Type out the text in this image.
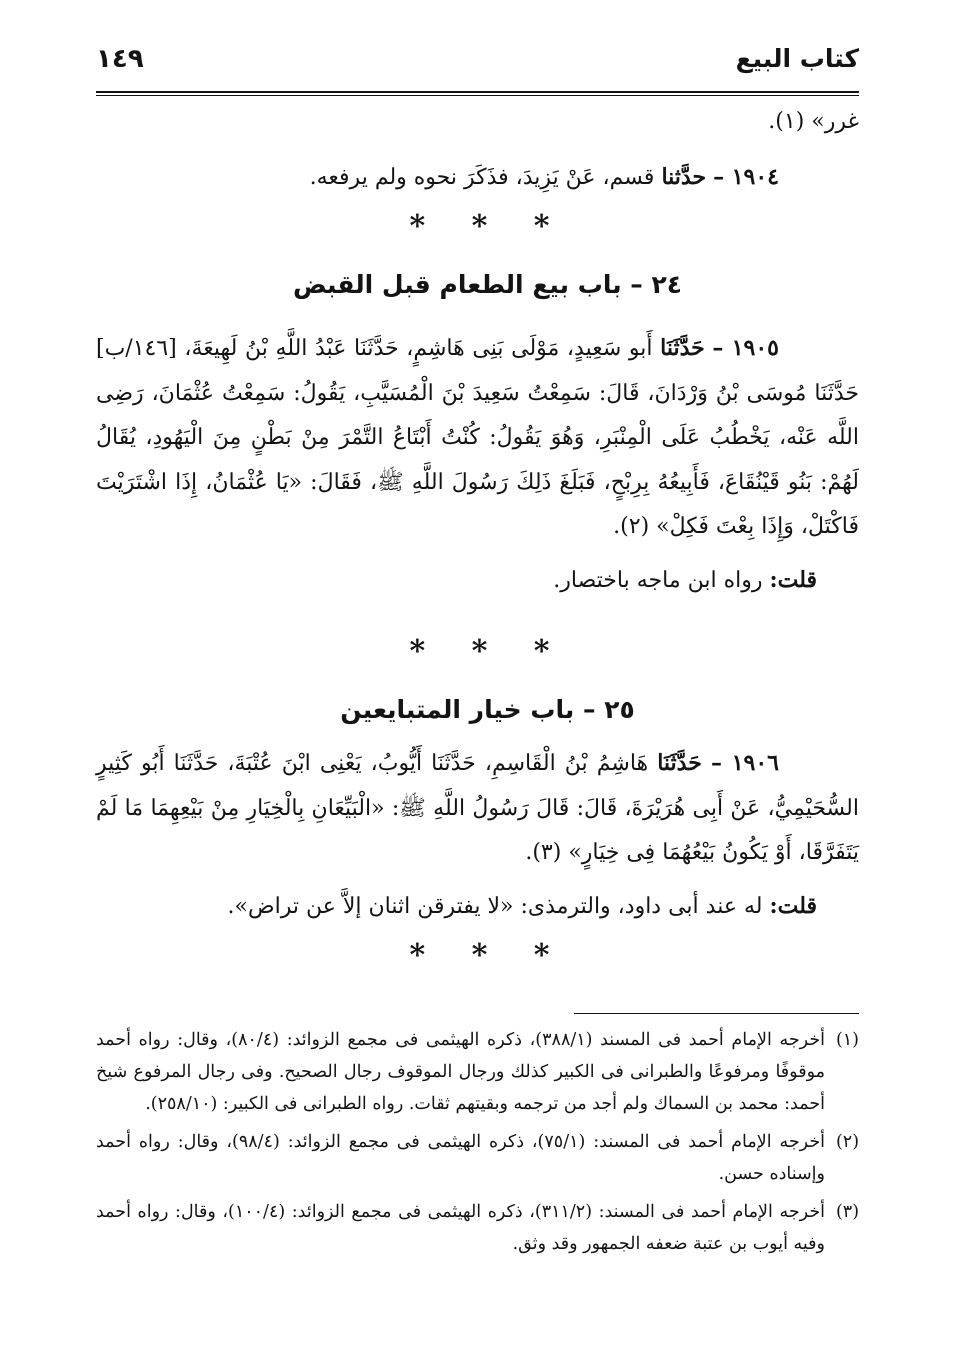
كتاب البيع
١٤٩

غرر» (١).

١٩٠٤ – حدَّثنا قسم، عَنْ يَزِيدَ، فذَكَرَ نحوه ولم يرفعه.

* * *
٢٤ – باب بيع الطعام قبل القبض

١٩٠٥ – حَدَّثَنَا أَبو سَعِيدٍ، مَوْلَى بَنِى هَاشِمٍ، حَدَّثَنَا عَبْدُ اللَّهِ بْنُ لَهِيعَةَ، [١٤٦/ب] حَدَّثَنَا مُوسَى بْنُ وَرْدَانَ، قَالَ: سَمِعْتُ سَعِيدَ بْنَ الْمُسَيَّبِ، يَقُولُ: سَمِعْتُ عُثْمَانَ، رَضِى اللَّه عَنْه، يَخْطُبُ عَلَى الْمِنْبَرِ، وَهُوَ يَقُولُ: كُنْتُ أَبْتَاعُ التَّمْرَ مِنْ بَطْنٍ مِنَ الْيَهُودِ، يُقَالُ لَهُمْ: بَنُو قَيْنُقَاعَ، فَأَبِيعُهُ بِرِبْحٍ، فَبَلَغَ ذَلِكَ رَسُولَ اللَّهِ ﷺ، فَقَالَ: «يَا عُثْمَانُ، إِذَا اشْتَرَيْتَ فَاكْتَلْ، وَإِذَا بِعْتَ فَكِلْ» (٢).

قلت: رواه ابن ماجه باختصار.

* * *
٢٥ – باب خيار المتبايعين

١٩٠٦ – حَدَّثَنَا هَاشِمُ بْنُ الْقَاسِمِ، حَدَّثَنَا أَيُّوبُ، يَعْنِى ابْنَ عُتْبَةَ، حَدَّثَنَا أَبُو كَثِيرٍ السُّحَيْمِيُّ، عَنْ أَبِى هُرَيْرَةَ، قَالَ: قَالَ رَسُولُ اللَّهِ ﷺ: «الْبَيِّعَانِ بِالْخِيَارِ مِنْ بَيْعِهِمَا مَا لَمْ يَتَفَرَّقَا، أَوْ يَكُونُ بَيْعُهُمَا فِى خِيَارٍ» (٣).

قلت: له عند أبى داود، والترمذى: «لا يفترقن اثنان إلاَّ عن تراض».

* * *

(١)أخرجه الإمام أحمد فى المسند (٣٨٨/١)، ذكره الهيثمى فى مجمع الزوائد: (٨٠/٤)، وقال: رواه أحمد موقوفًا ومرفوعًا والطبرانى فى الكبير كذلك ورجال الموقوف رجال الصحيح. وفى رجال المرفوع شيخ أحمد: محمد بن السماك ولم أجد من ترجمه وبقيتهم ثقات. رواه الطبرانى فى الكبير: (٢٥٨/١٠).

(٢)أخرجه الإمام أحمد فى المسند: (٧٥/١)، ذكره الهيثمى فى مجمع الزوائد: (٩٨/٤)، وقال: رواه أحمد وإسناده حسن.

(٣)أخرجه الإمام أحمد فى المسند: (٣١١/٢)، ذكره الهيثمى فى مجمع الزوائد: (١٠٠/٤)، وقال: رواه أحمد وفيه أيوب بن عتبة ضعفه الجمهور وقد وثق.
